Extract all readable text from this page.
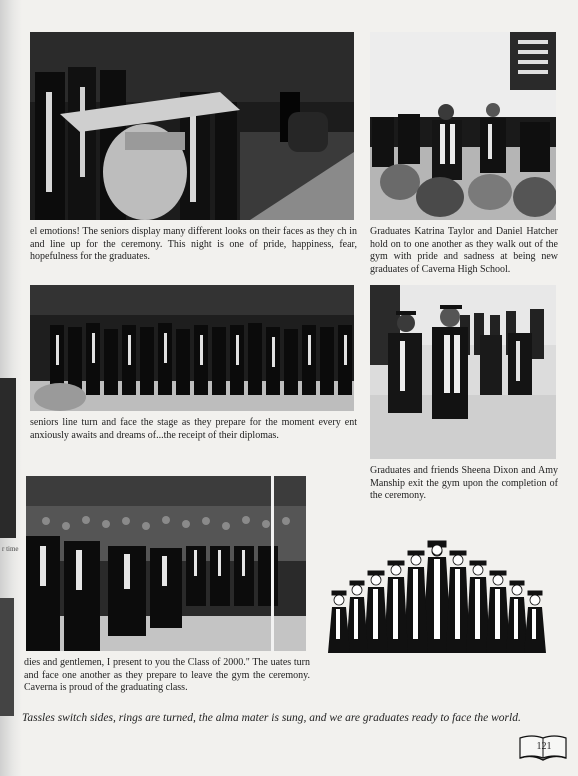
r time
el emotions! The seniors display many different looks on their faces as they ch in and line up for the ceremony. This night is one of pride, happiness, fear, hopefulness for the graduates.
Graduates Katrina Taylor and Daniel Hatcher hold on to one another as they walk out of the gym with pride and sadness at being new graduates of Caverna High School.
seniors line turn and face the stage as they prepare for the moment every ent anxiously awaits and dreams of...the receipt of their diplomas.
Graduates and friends Sheena Dixon and Amy Manship exit the gym upon the completion of the ceremony.
dies and gentlemen, I present to you the Class of 2000." The uates turn and face one another as they prepare to leave the gym the ceremony. Caverna is proud of the graduating class.
Tassles switch sides, rings are turned, the alma mater is sung, and we are graduates ready to face the world.
121
